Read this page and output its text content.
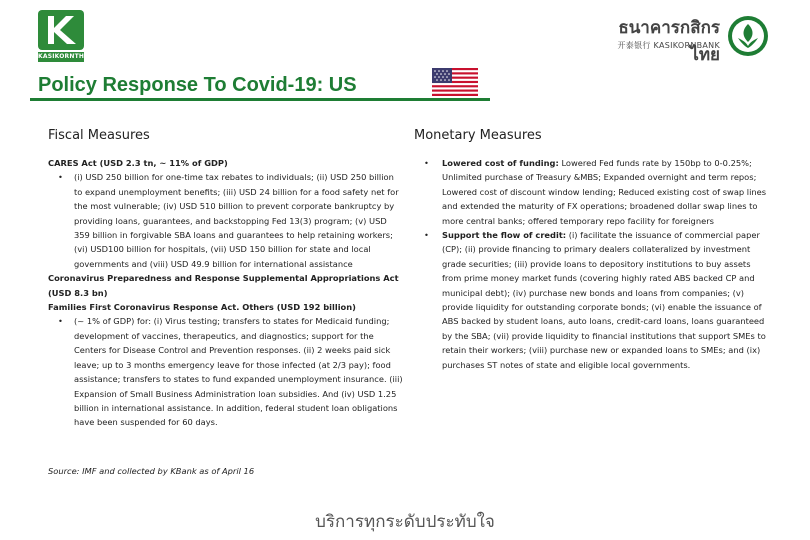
KASIKORNTHAI
ธนาคารกสิกรไทย
开泰银行 KASIKORNBANK
Policy Response To Covid-19: US
Fiscal Measures	Monetary Measures
CARES Act (USD 2.3 tn, ~ 11% of GDP)
• (i) USD 250 billion for one-time tax rebates to individuals; (ii) USD 250 billion to expand unemployment benefits; (iii) USD 24 billion for a food safety net for the most vulnerable; (iv) USD 510 billion to prevent corporate bankruptcy by providing loans, guarantees, and backstopping Fed 13(3) program; (v) USD 359 billion in forgivable SBA loans and guarantees to help retaining workers; (vi) USD100 billion for hospitals, (vii) USD 150 billion for state and local governments and (viii) USD 49.9 billion for international assistance
Coronavirus Preparedness and Response Supplemental Appropriations Act (USD 8.3 bn)
Families First Coronavirus Response Act. Others (USD 192 billion)
• (~ 1% of GDP) for: (i) Virus testing; transfers to states for Medicaid funding; development of vaccines, therapeutics, and diagnostics; support for the Centers for Disease Control and Prevention responses. (ii) 2 weeks paid sick leave; up to 3 months emergency leave for those infected (at 2/3 pay); food assistance; transfers to states to fund expanded unemployment insurance. (iii) Expansion of Small Business Administration loan subsidies. And (iv) USD 1.25 billion in international assistance. In addition, federal student loan obligations have been suspended for 60 days.
• Lowered cost of funding: Lowered Fed funds rate by 150bp to 0-0.25%; Unlimited purchase of Treasury &MBS; Expanded overnight and term repos; Lowered cost of discount window lending; Reduced existing cost of swap lines and extended the maturity of FX operations; broadened dollar swap lines to more central banks; offered temporary repo facility for foreigners
• Support the flow of credit: (i) facilitate the issuance of commercial paper (CP); (ii) provide financing to primary dealers collateralized by investment grade securities; (iii) provide loans to depository institutions to buy assets from prime money market funds (covering highly rated ABS backed CP and municipal debt); (iv) purchase new bonds and loans from companies; (v) provide liquidity for outstanding corporate bonds; (vi) enable the issuance of ABS backed by student loans, auto loans, credit-card loans, loans guaranteed by the SBA; (vii) provide liquidity to financial institutions that support SMEs to retain their workers; (viii) purchase new or expanded loans to SMEs; and (ix) purchases ST notes of state and eligible local governments.
Source: IMF and collected by KBank as of April 16
บริการทุกระดับประทับใจ
